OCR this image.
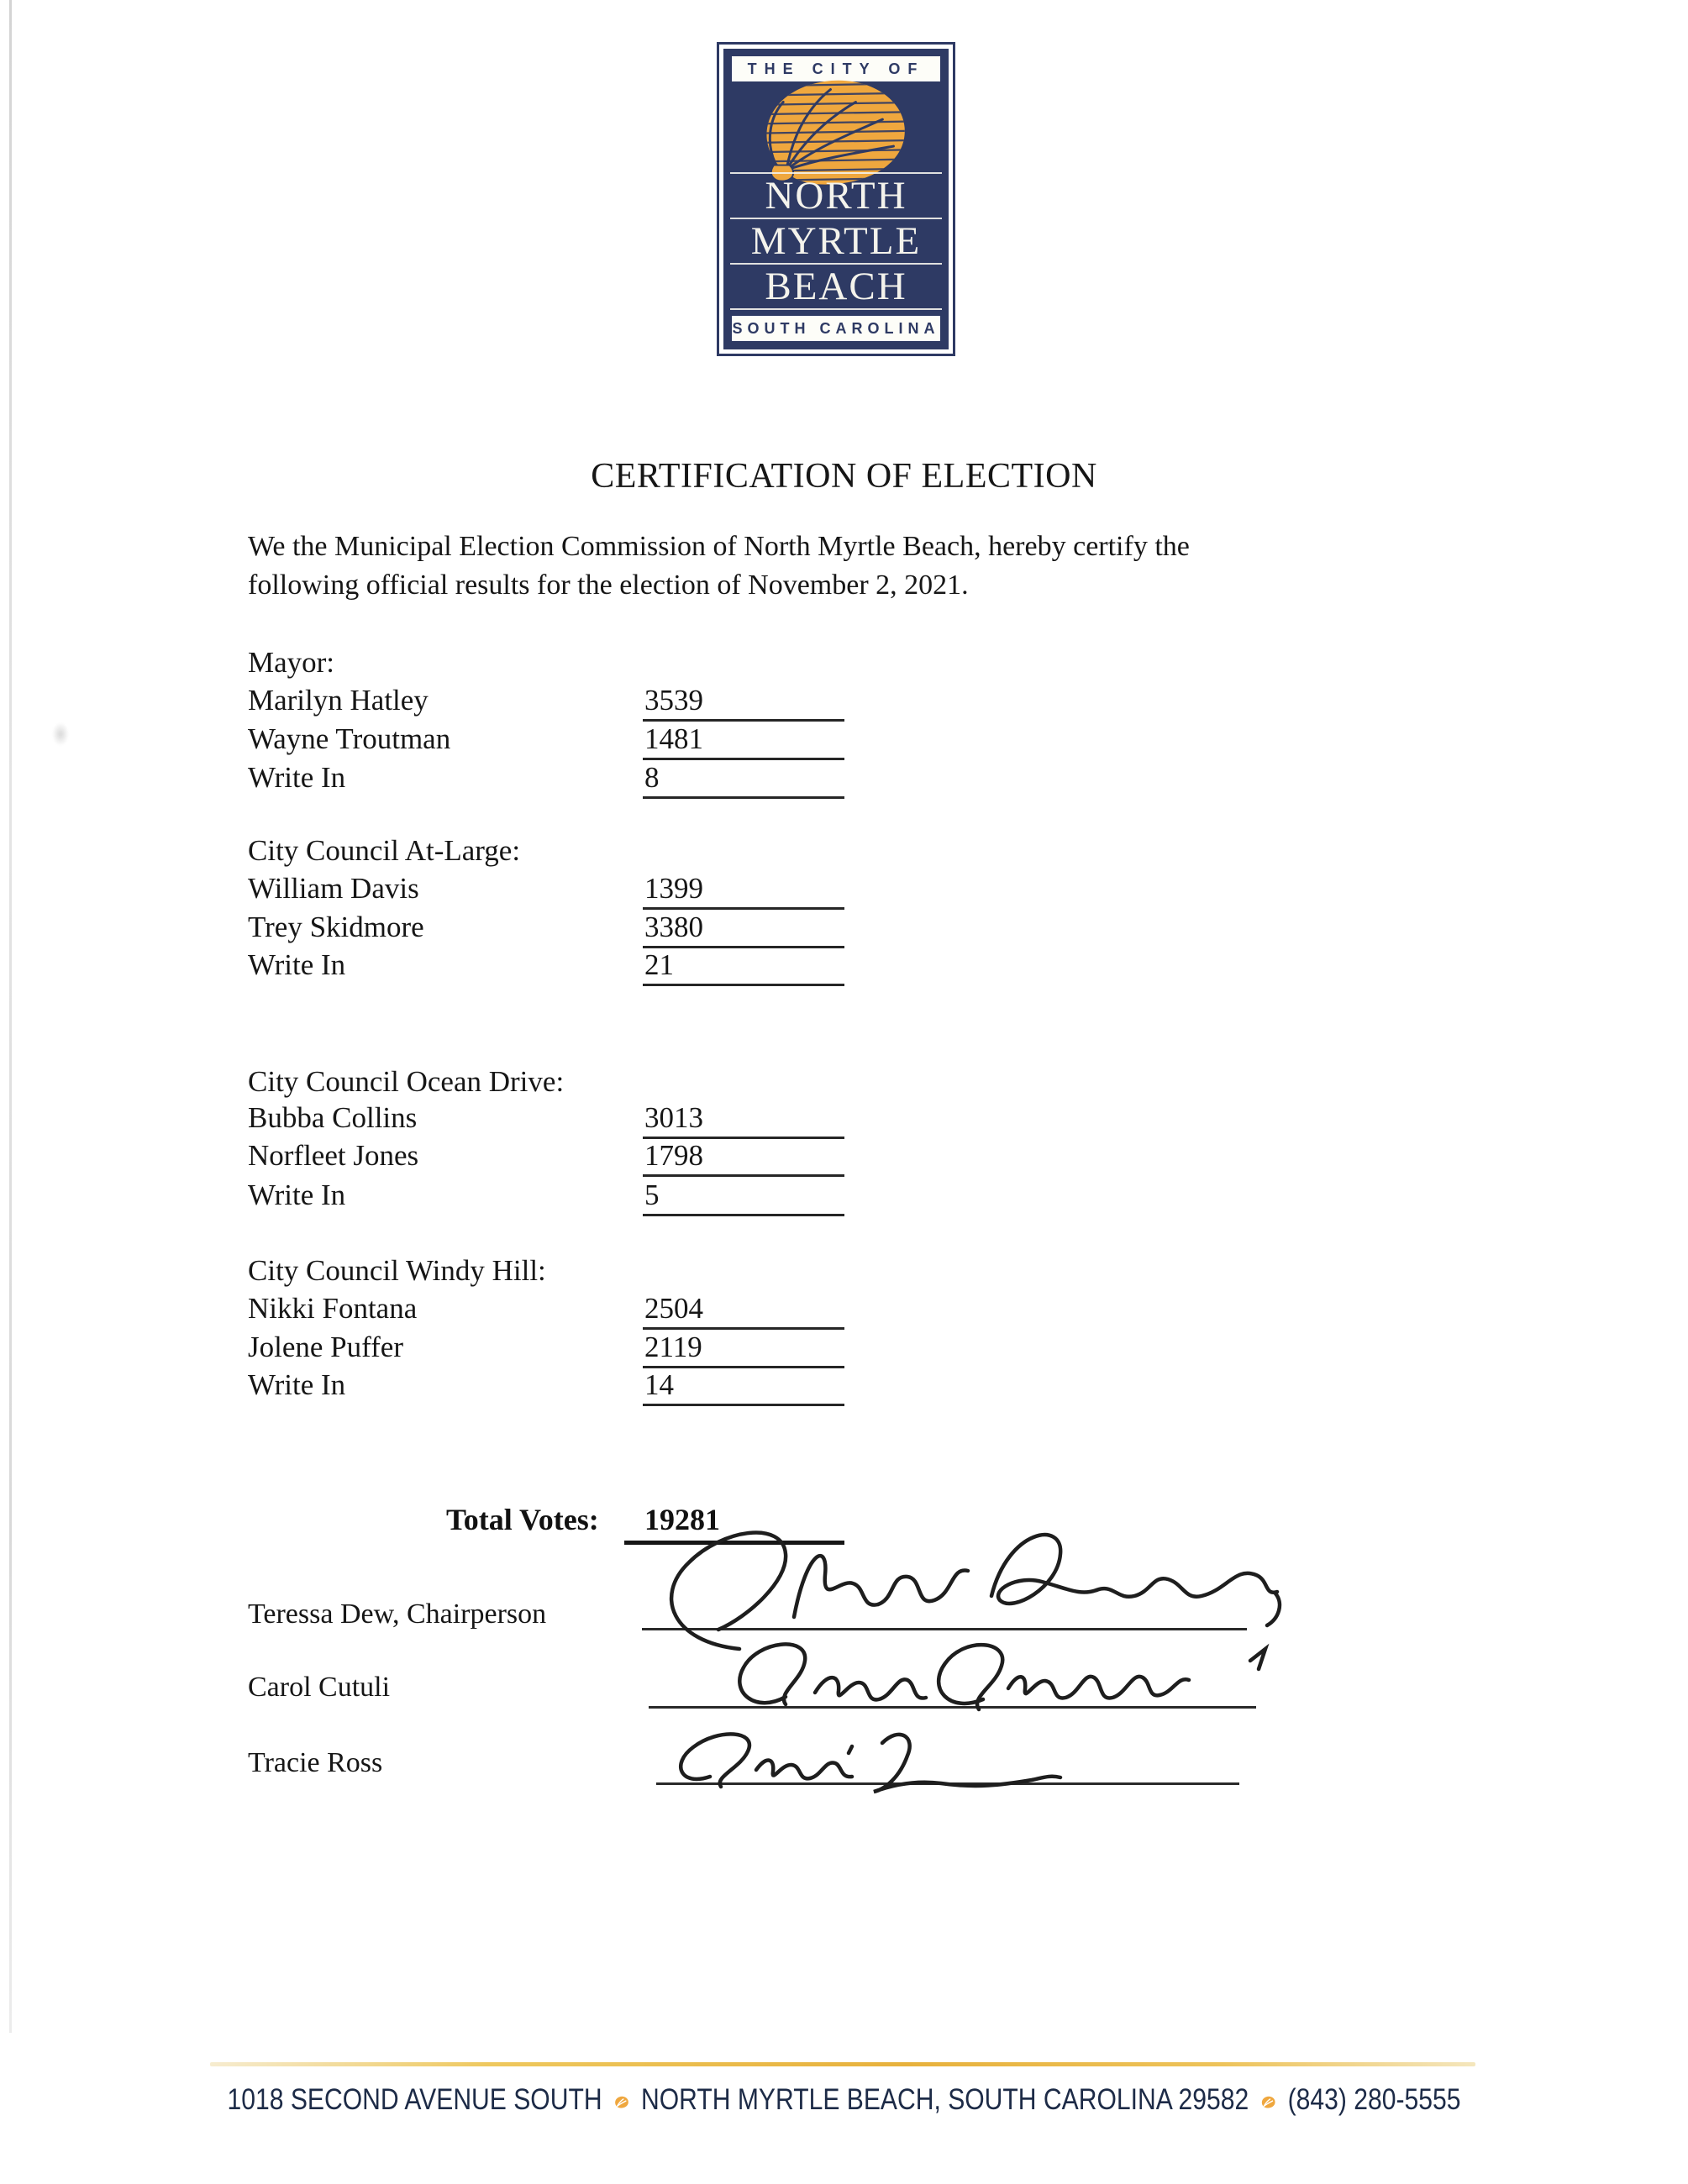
THE CITY OF
NORTH
MYRTLE
BEACH
SOUTH CAROLINA
CERTIFICATION OF ELECTION
We the Municipal Election Commission of North Myrtle Beach, hereby certify the
following official results for the election of November 2, 2021.
Mayor:
Marilyn Hatley	3539
Wayne Troutman	1481
Write In	8
City Council At-Large:
William Davis	1399
Trey Skidmore	3380
Write In	21
City Council Ocean Drive:
Bubba Collins	3013
Norfleet Jones	1798
Write In	5
City Council Windy Hill:
Nikki Fontana	2504
Jolene Puffer	2119
Write In	14
Total Votes: 19281
Teressa Dew, Chairperson
Carol Cutuli
Tracie Ross
1018 SECOND AVENUE SOUTH NORTH MYRTLE BEACH, SOUTH CAROLINA 29582 (843) 280-5555
